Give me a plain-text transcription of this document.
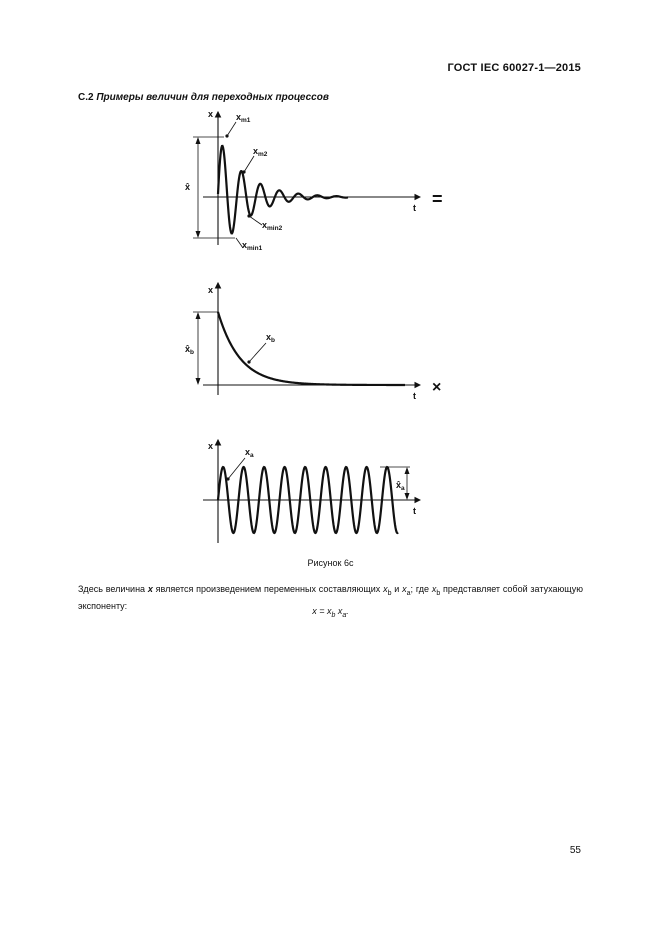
ГОСТ IEC 60027-1—2015
С.2 Примеры величин для переходных процессов
x
t
x̂
$x_{m1}$
$x_{m2}$
$x_{min2}$
$x_{min1}$
=
x
t
$x̂_b$
$x_b$
×
x
t
$x̂_a$
$x_a$
Рисунок 6с
Здесь величина x является произведением переменных составляющих $x_b$ и $x_a$; где $x_b$ представляет собой затухающую экспоненту:
$x = x_b$ $x_a$.
55
